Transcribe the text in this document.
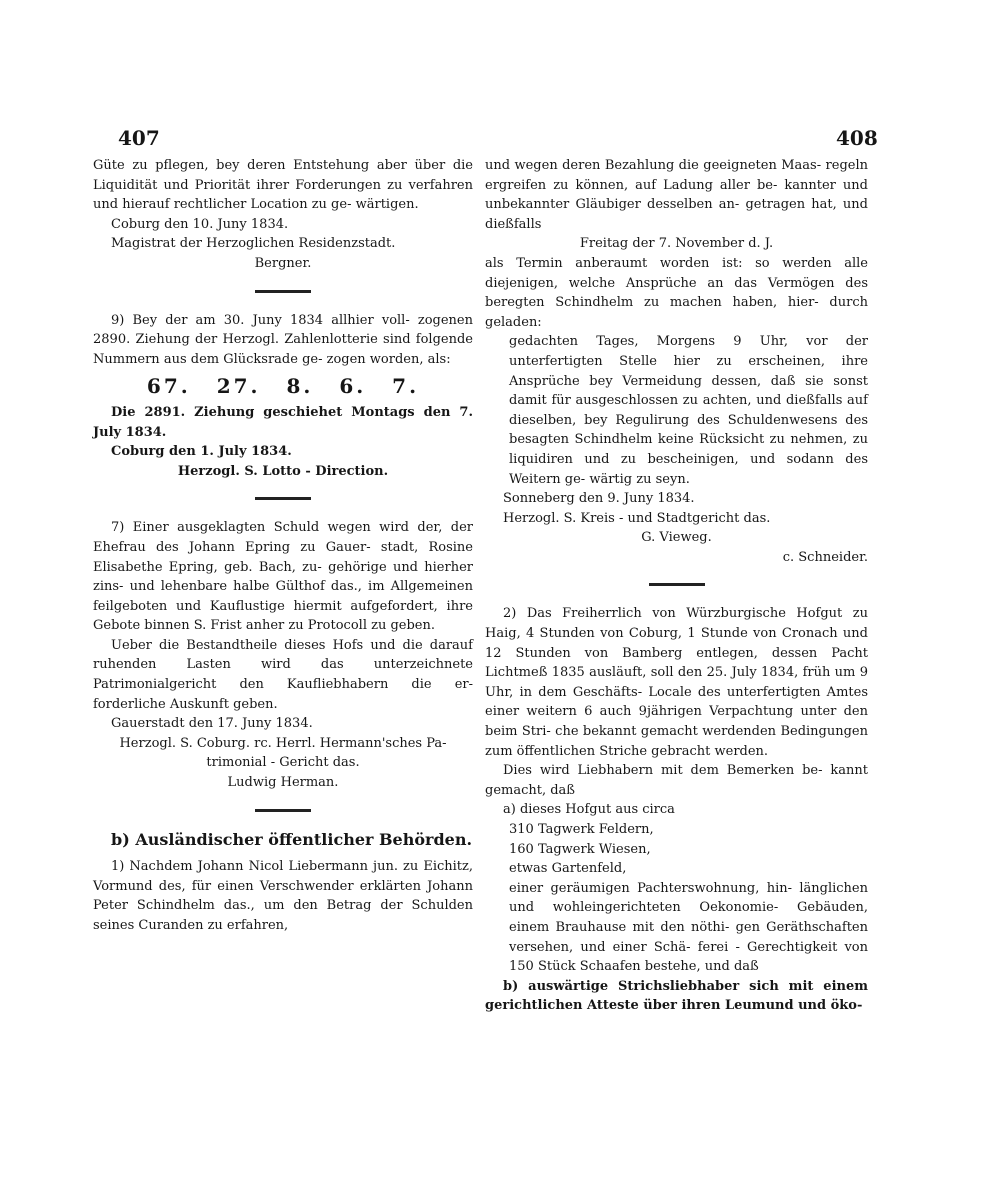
407	408

Güte zu pflegen, bey deren Entstehung aber über die Liquidität und Priorität ihrer Forderungen zu verfahren und hierauf rechtlicher Location zu ge- wärtigen.

Coburg den 10. Juny 1834.

Magistrat der Herzoglichen Residenzstadt.

Bergner.

9) Bey der am 30. Juny 1834 allhier voll- zogenen 2890. Ziehung der Herzogl. Zahlenlotterie sind folgende Nummern aus dem Glücksrade ge- zogen worden, als:

67. 27. 8. 6. 7.

Die 2891. Ziehung geschiehet Montags den 7. July 1834.

Coburg den 1. July 1834.

Herzogl. S. Lotto - Direction.

7) Einer ausgeklagten Schuld wegen wird der, der Ehefrau des Johann Epring zu Gauer- stadt, Rosine Elisabethe Epring, geb. Bach, zu- gehörige und hierher zins- und lehenbare halbe Gülthof das., im Allgemeinen feilgeboten und Kauflustige hiermit aufgefordert, ihre Gebote binnen S. Frist anher zu Protocoll zu geben.

Ueber die Bestandtheile dieses Hofs und die darauf ruhenden Lasten wird das unterzeichnete Patrimonialgericht den Kaufliebhabern die er- forderliche Auskunft geben.

Gauerstadt den 17. Juny 1834.

Herzogl. S. Coburg. rc. Herrl. Hermann'sches Pa- trimonial - Gericht das.

Ludwig Herman.

b) Ausländischer öffentlicher Behörden.

1) Nachdem Johann Nicol Liebermann jun. zu Eichitz, Vormund des, für einen Verschwender erklärten Johann Peter Schindhelm das., um den Betrag der Schulden seines Curanden zu erfahren,

und wegen deren Bezahlung die geeigneten Maas- regeln ergreifen zu können, auf Ladung aller be- kannter und unbekannter Gläubiger desselben an- getragen hat, und dießfalls

Freitag der 7. November d. J.

als Termin anberaumt worden ist: so werden alle diejenigen, welche Ansprüche an das Vermögen des beregten Schindhelm zu machen haben, hier- durch geladen:

gedachten Tages, Morgens 9 Uhr, vor der unterfertigten Stelle hier zu erscheinen, ihre Ansprüche bey Vermeidung dessen, daß sie sonst damit für ausgeschlossen zu achten, und dießfalls auf dieselben, bey Regulirung des Schuldenwesens des besagten Schindhelm keine Rücksicht zu nehmen, zu liquidiren und zu bescheinigen, und sodann des Weitern ge- wärtig zu seyn.

Sonneberg den 9. Juny 1834.

Herzogl. S. Kreis - und Stadtgericht das.

G. Vieweg.

c. Schneider.

2) Das Freiherrlich von Würzburgische Hofgut zu Haig, 4 Stunden von Coburg, 1 Stunde von Cronach und 12 Stunden von Bamberg entlegen, dessen Pacht Lichtmeß 1835 ausläuft, soll den 25. July 1834, früh um 9 Uhr, in dem Geschäfts- Locale des unterfertigten Amtes einer weitern 6 auch 9jährigen Verpachtung unter den beim Stri- che bekannt gemacht werdenden Bedingungen zum öffentlichen Striche gebracht werden.

Dies wird Liebhabern mit dem Bemerken be- kannt gemacht, daß

a) dieses Hofgut aus circa

310 Tagwerk Feldern,

160 Tagwerk Wiesen,

etwas Gartenfeld,

einer geräumigen Pachterswohnung, hin- länglichen und wohleingerichteten Oekonomie- Gebäuden, einem Brauhause mit den nöthi- gen Geräthschaften versehen, und einer Schä- ferei - Gerechtigkeit von 150 Stück Schaafen bestehe, und daß

b) auswärtige Strichsliebhaber sich mit einem gerichtlichen Atteste über ihren Leumund und öko-
